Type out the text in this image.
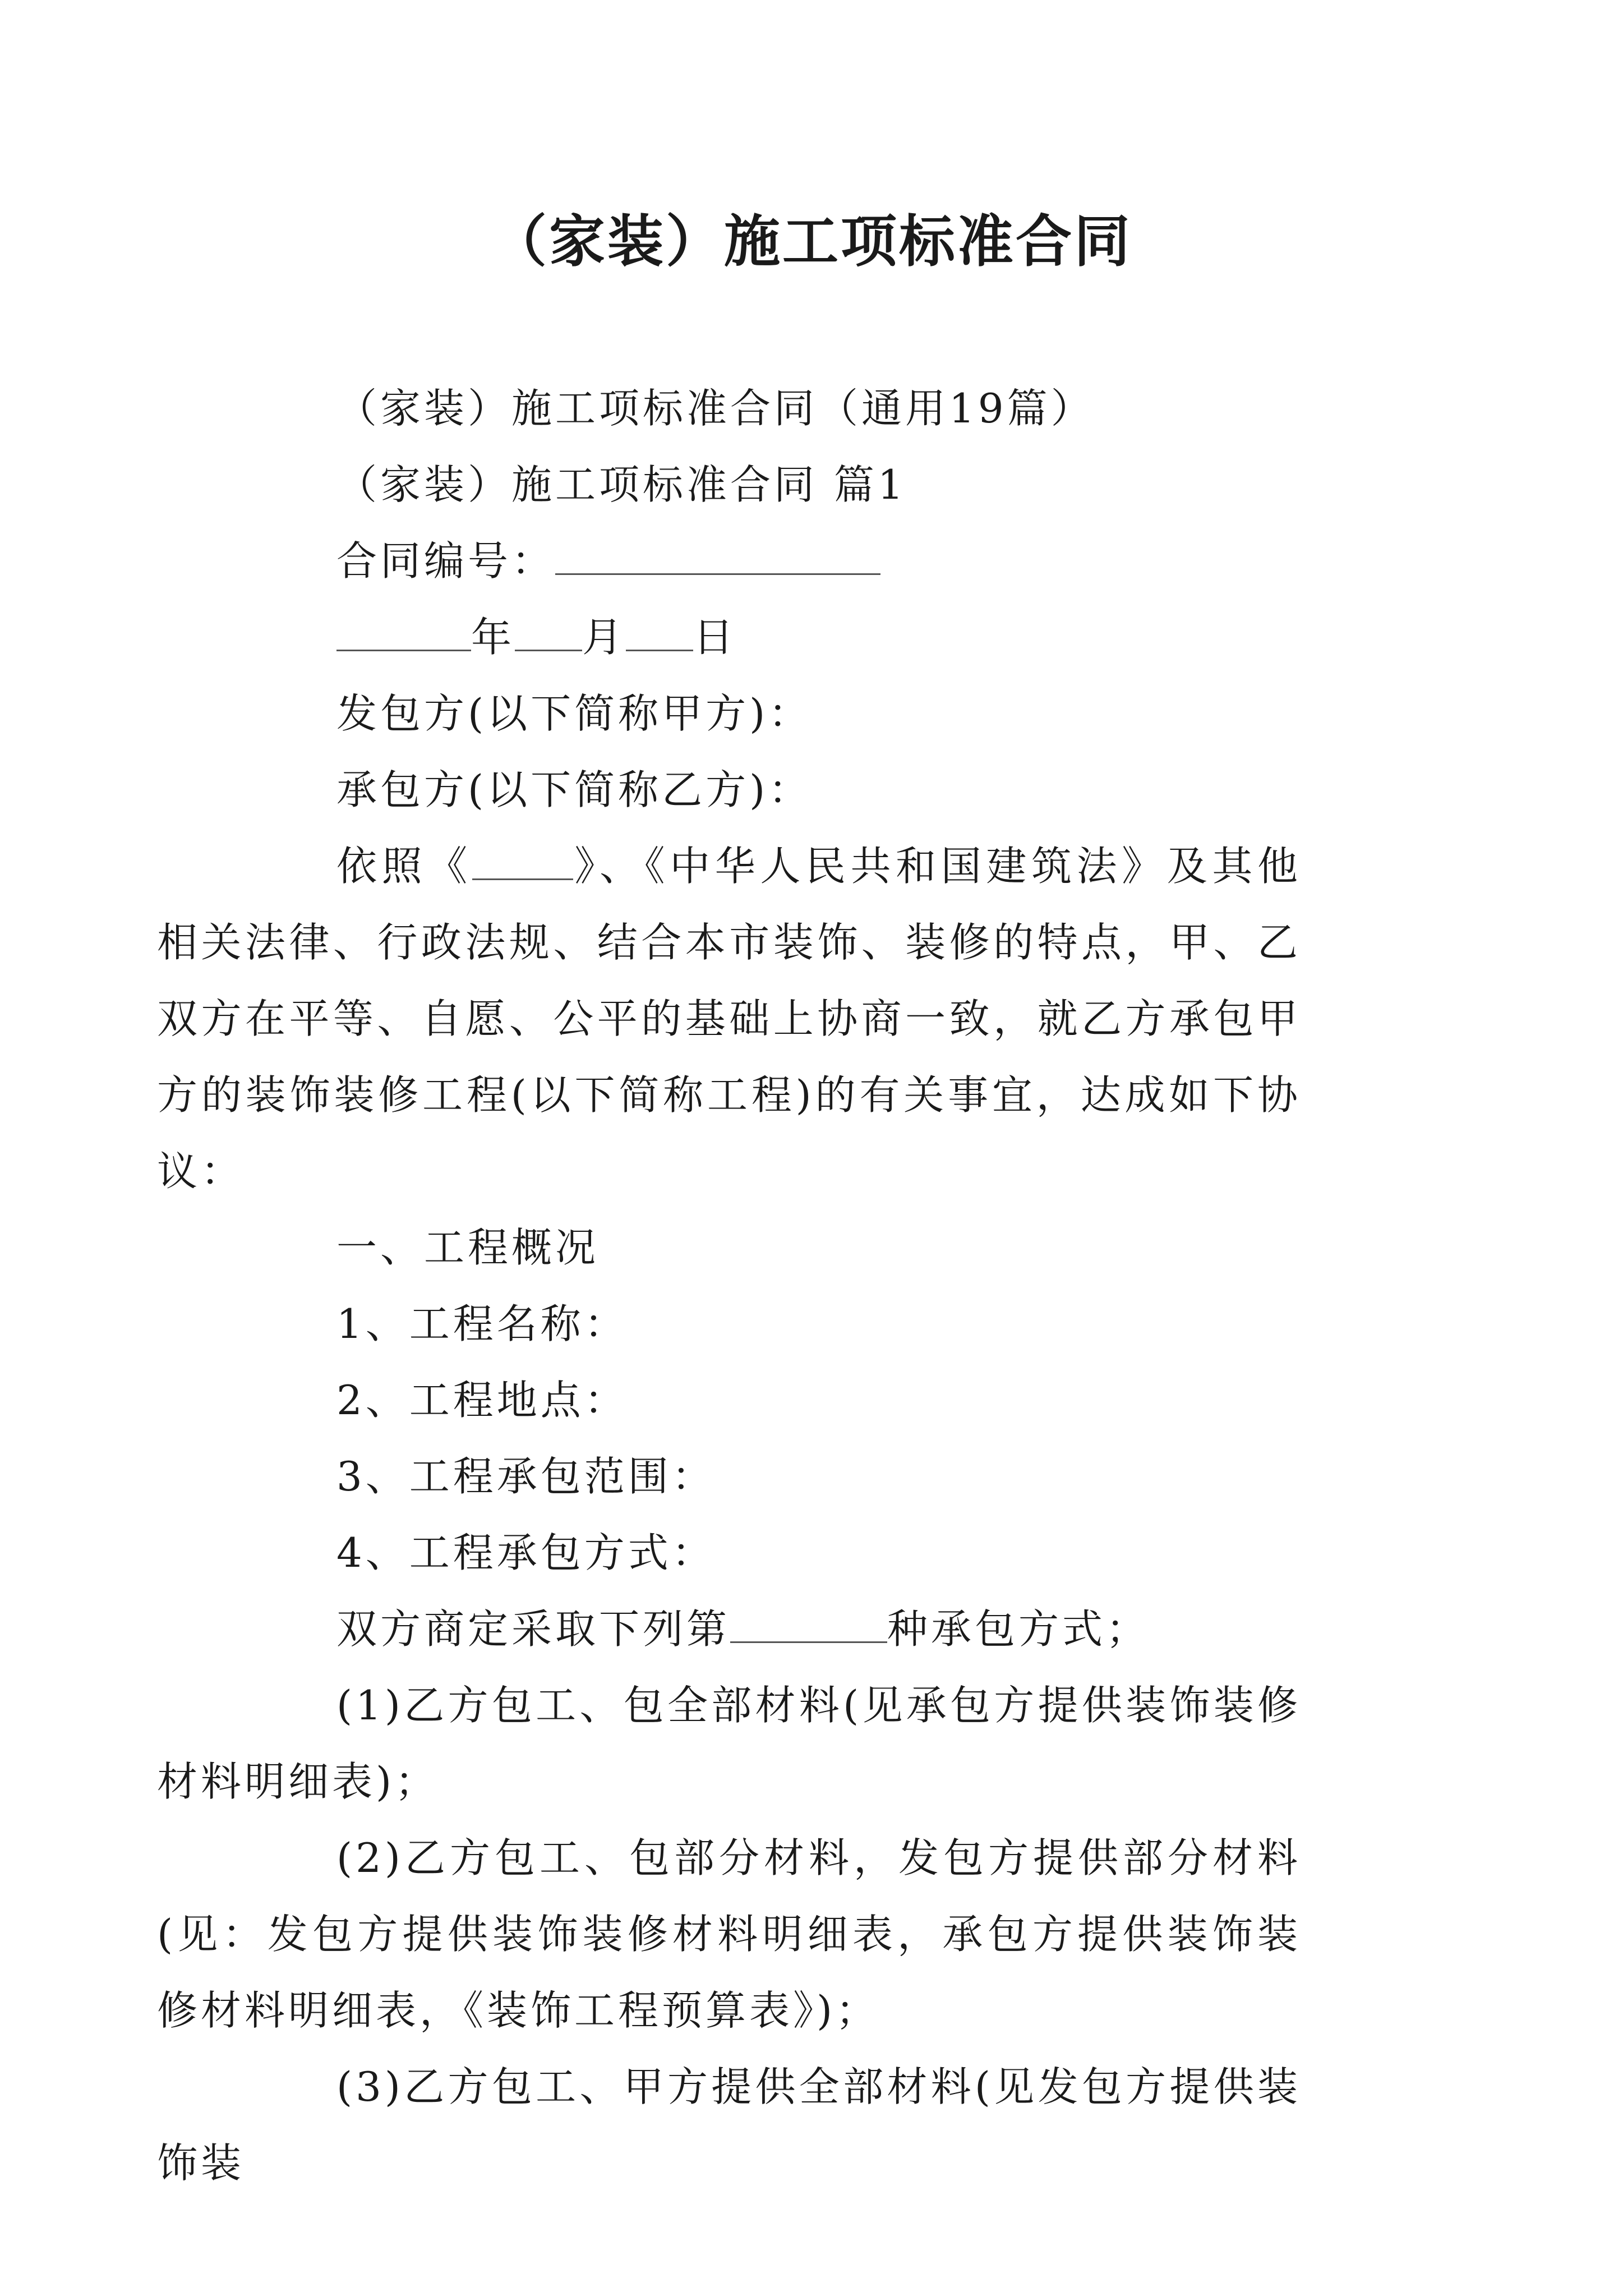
（家装）施工项标准合同

（家装）施工项标准合同（通用19篇）

（家装）施工项标准合同 篇1

合同编号：

年 月 日

发包方(以下简称甲方)：

承包方(以下简称乙方)：

依照《	》、《中华人民共和国建筑法》及其他相关法律、行政法规、结合本市装饰、装修的特点，甲、乙双方在平等、自愿、公平的基础上协商一致，就乙方承包甲方的装饰装修工程(以下简称工程)的有关事宜，达成如下协议：

一、工程概况

1、工程名称：

2、工程地点：

3、工程承包范围：

4、工程承包方式：

双方商定采取下列第	种承包方式；

(1)乙方包工、包全部材料(见承包方提供装饰装修材料明细表)；

(2)乙方包工、包部分材料，发包方提供部分材料(见：发包方提供装饰装修材料明细表，承包方提供装饰装修材料明细表，《装饰工程预算表》)；

(3)乙方包工、甲方提供全部材料(见发包方提供装饰装
